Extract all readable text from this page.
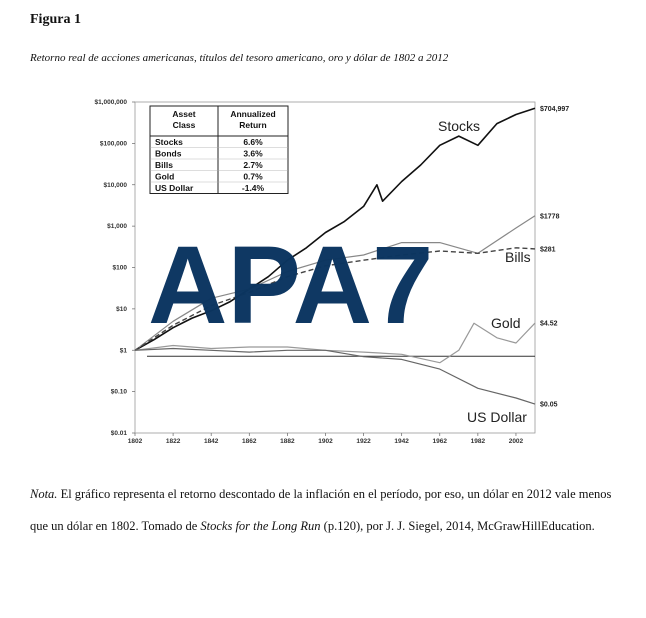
Figura 1
Retorno real de acciones americanas, títulos del tesoro americano, oro y dólar de 1802 a 2012
$1,000,000
$100,000
$10,000
$1,000
$100
$10
$1
$0.10
$0.01
1802	1822	1842	1862	1882	1902	1922	1942	1962	1982	2002
$704,997
$1778
$281
$4.52
$0.05
Asset
Class
Annualized
Return
Stocks	6.6%
Bonds	3.6%
Bills	2.7%
Gold	0.7%
US Dollar	-1.4%
Stocks
Bills
Gold
US Dollar
APA7
Nota. El gráfico representa el retorno descontado de la inflación en el período, por eso, un dólar en 2012 vale menos que un dólar en 1802. Tomado de Stocks for the Long Run (p.120), por J. J. Siegel, 2014, McGrawHillEducation.
